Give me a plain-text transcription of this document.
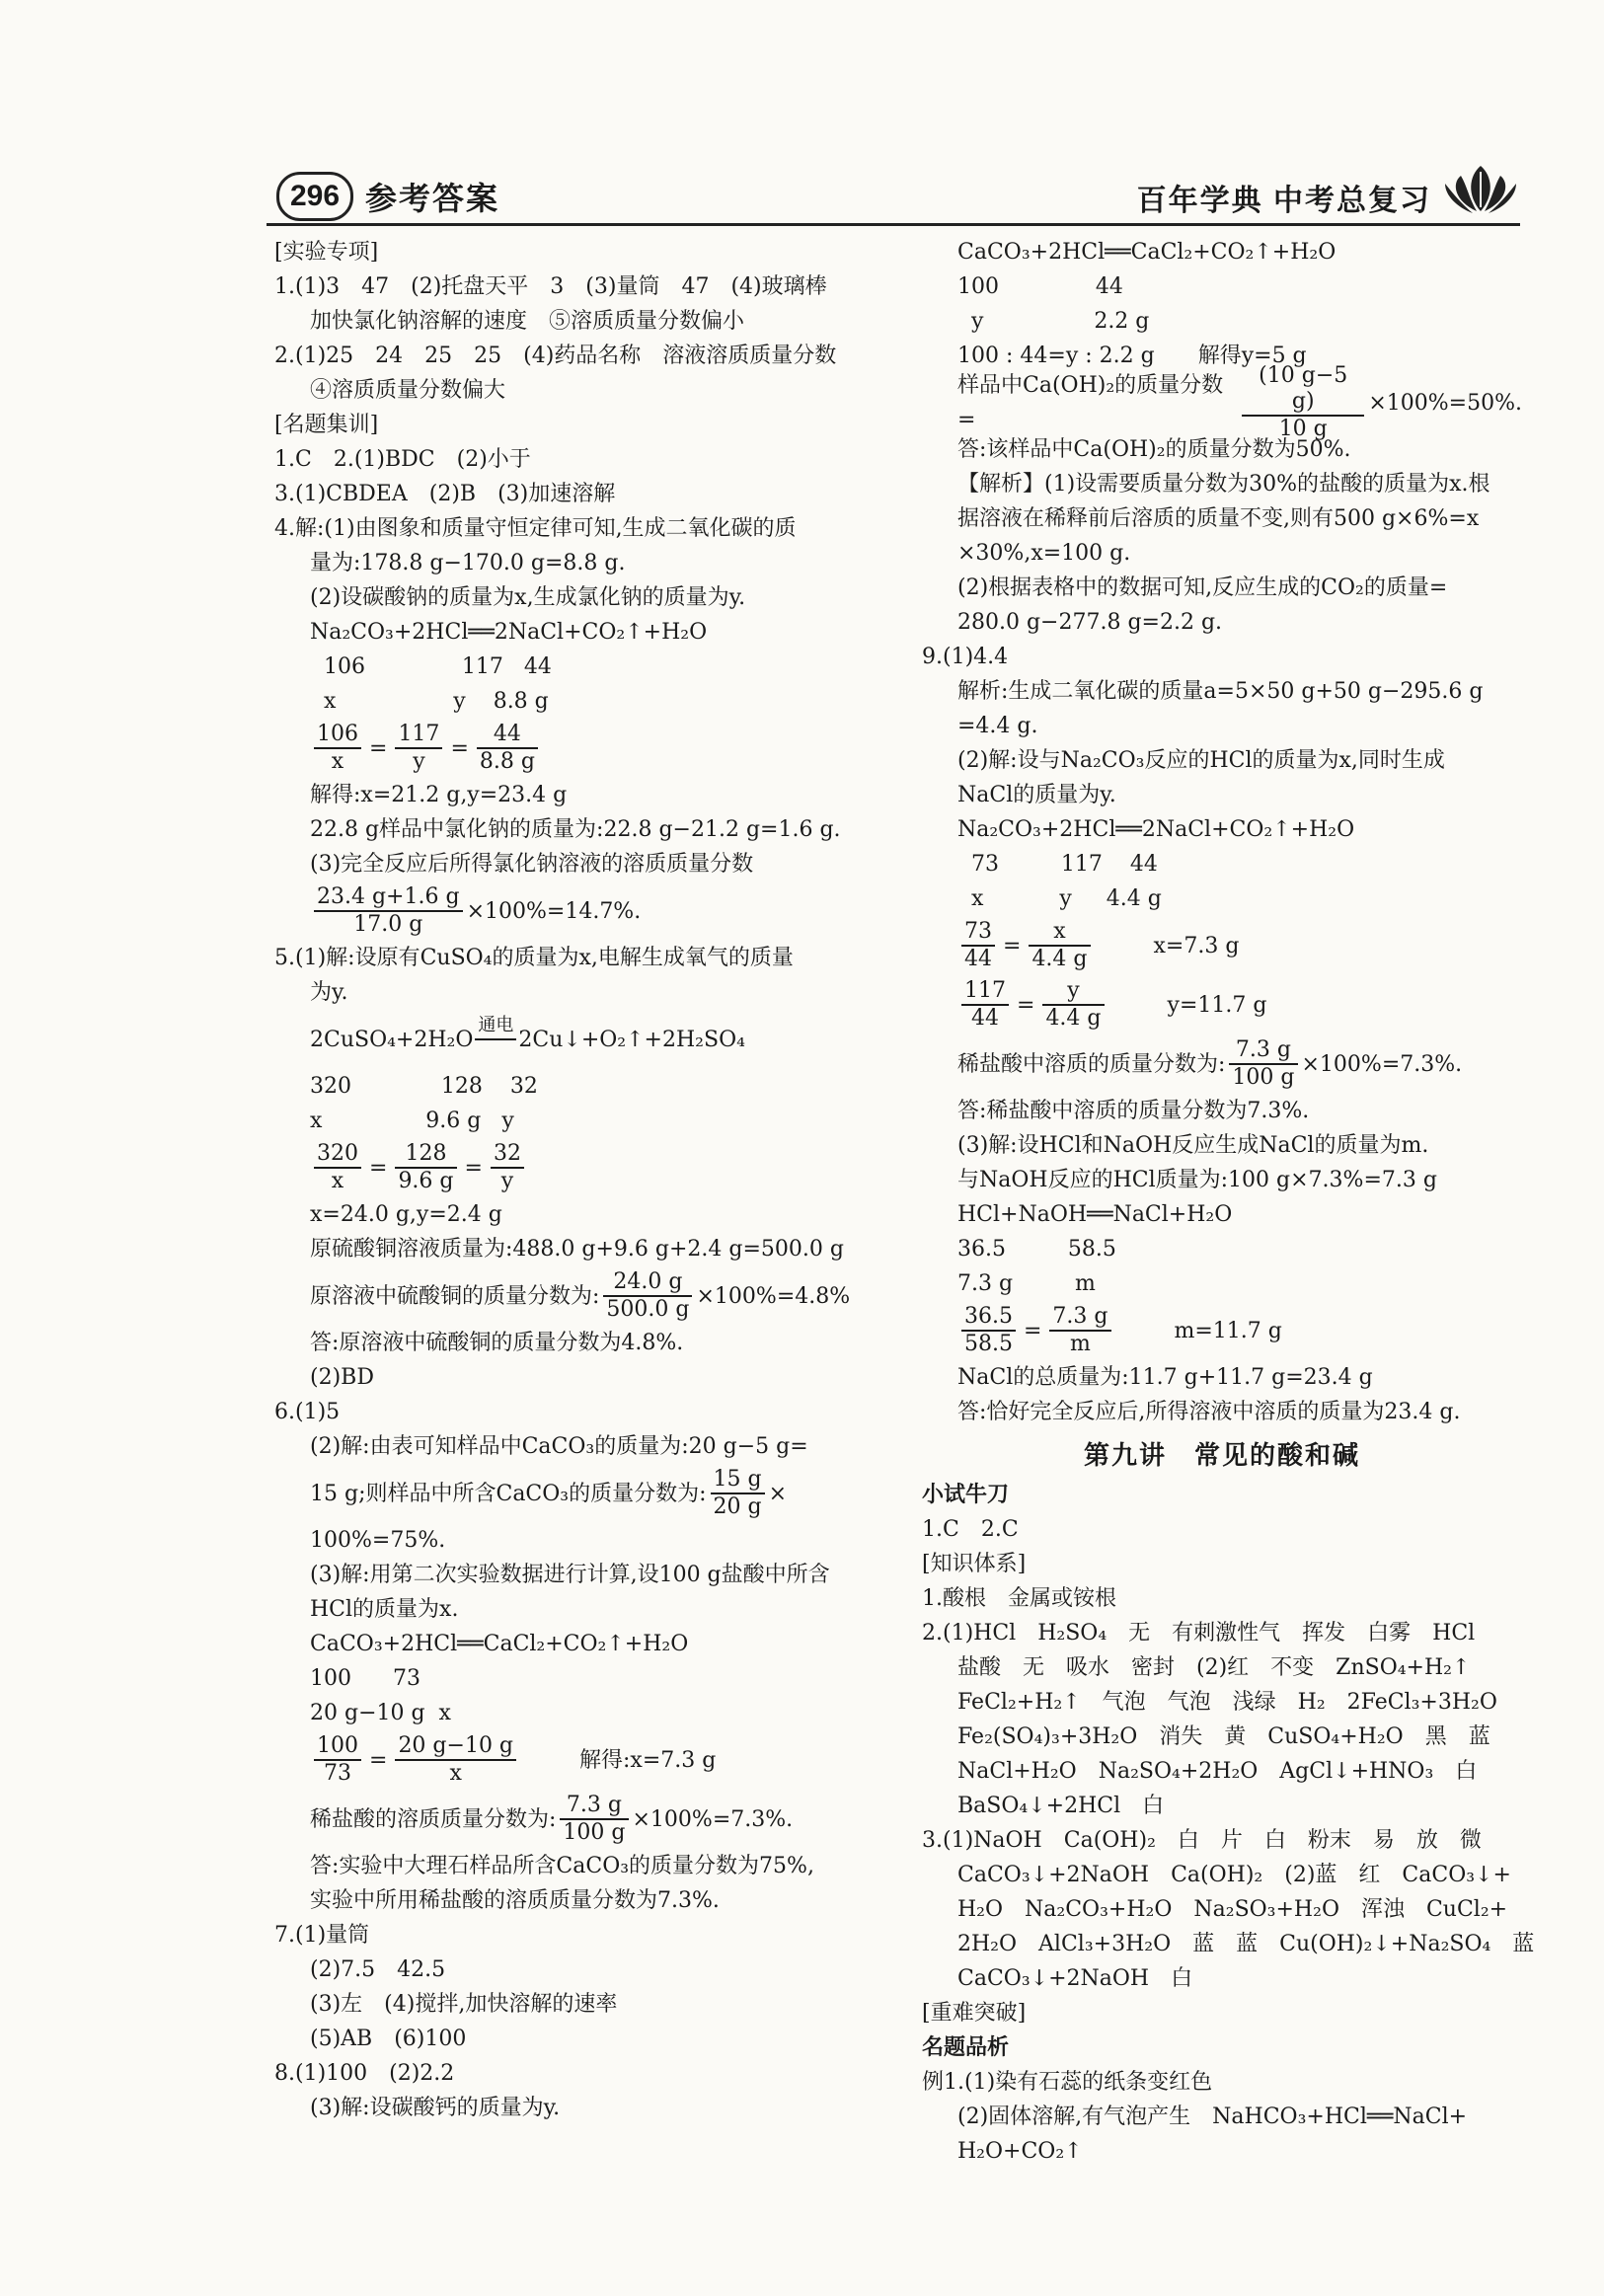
296 参考答案	百年学典 中考总复习

[实验专项]

1.(1)3　47　(2)托盘天平　3　(3)量筒　47　(4)玻璃棒

加快氯化钠溶解的速度　⑤溶质质量分数偏小

2.(1)25　24　25　25　(4)药品名称　溶液溶质质量分数

④溶质质量分数偏大

[名题集训]

1.C　2.(1)BDC　(2)小于

3.(1)CBDEA　(2)B　(3)加速溶解

4.解:(1)由图象和质量守恒定律可知,生成二氧化碳的质

量为:178.8 g−170.0 g=8.8 g.

(2)设碳酸钠的质量为x,生成氯化钠的质量为y.

Na₂CO₃+2HCl══2NaCl+CO₂↑+H₂O

106              117   44

x                 y    8.8 g

$\frac{106}{x} = \frac{117}{y} = \frac{44}{8.8 g}$

解得:x=21.2 g,y=23.4 g

22.8 g样品中氯化钠的质量为:22.8 g−21.2 g=1.6 g.

(3)完全反应后所得氯化钠溶液的溶质质量分数

$\frac{23.4 g+1.6 g}{17.0 g} \times 100\%=14.7\%$.

5.(1)解:设原有CuSO₄的质量为x,电解生成氧气的质量

为y.

2CuSO₄+2H₂O
通电

2Cu↓+O₂↑+2H₂SO₄

320             128    32

x               9.6 g   y

$\frac{320}{x} = \frac{128}{9.6 g} = \frac{32}{y}$

x=24.0 g,y=2.4 g

原硫酸铜溶液质量为:488.0 g+9.6 g+2.4 g=500.0 g

原溶液中硫酸铜的质量分数为: $\frac{24.0 g}{500.0 g} \times 100\%=4.8\%$

答:原溶液中硫酸铜的质量分数为4.8%.

(2)BD

6.(1)5

(2)解:由表可知样品中CaCO₃的质量为:20 g−5 g=

15 g;则样品中所含CaCO₃的质量分数为: $\frac{15 g}{20 g}$ ×

100%=75%.

(3)解:用第二次实验数据进行计算,设100 g盐酸中所含

HCl的质量为x.

CaCO₃+2HCl══CaCl₂+CO₂↑+H₂O

100      73

20 g−10 g  x

$\frac{100}{73} = \frac{20 g-10 g}{x}$	解得:x=7.3 g
稀盐酸的溶质质量分数为: $\frac{7.3 g}{100 g} \times 100\%=7.3\%$.

答:实验中大理石样品所含CaCO₃的质量分数为75%,

实验中所用稀盐酸的溶质质量分数为7.3%.

7.(1)量筒

(2)7.5　42.5

(3)左　(4)搅拌,加快溶解的速率

(5)AB　(6)100

8.(1)100　(2)2.2

(3)解:设碳酸钙的质量为y.

CaCO₃+2HCl══CaCl₂+CO₂↑+H₂O

100              44

y                2.2 g

100 : 44=y : 2.2 g　　解得y=5 g

样品中Ca(OH)₂的质量分数=	$\frac{(10 g-5 g)}{10 g} \times 100\%=50\%$.

答:该样品中Ca(OH)₂的质量分数为50%.

【解析】(1)设需要质量分数为30%的盐酸的质量为x.根

据溶液在稀释前后溶质的质量不变,则有500 g×6%=x

×30%,x=100 g.

(2)根据表格中的数据可知,反应生成的CO₂的质量=

280.0 g−277.8 g=2.2 g.

9.(1)4.4

解析:生成二氧化碳的质量a=5×50 g+50 g−295.6 g

=4.4 g.

(2)解:设与Na₂CO₃反应的HCl的质量为x,同时生成

NaCl的质量为y.

Na₂CO₃+2HCl══2NaCl+CO₂↑+H₂O

73         117    44

x           y     4.4 g

$\frac{73}{44} = \frac{x}{4.4 g}$	x=7.3 g
$\frac{117}{44} = \frac{y}{4.4 g}$	y=11.7 g
稀盐酸中溶质的质量分数为: $\frac{7.3 g}{100 g} \times 100\%=7.3\%$.

答:稀盐酸中溶质的质量分数为7.3%.

(3)解:设HCl和NaOH反应生成NaCl的质量为m.

与NaOH反应的HCl质量为:100 g×7.3%=7.3 g

HCl+NaOH══NaCl+H₂O

36.5         58.5

7.3 g         m

$\frac{36.5}{58.5} = \frac{7.3 g}{m}$	m=11.7 g

NaCl的总质量为:11.7 g+11.7 g=23.4 g

答:恰好完全反应后,所得溶液中溶质的质量为23.4 g.

第九讲　常见的酸和碱

小试牛刀

1.C　2.C

[知识体系]

1.酸根　金属或铵根

2.(1)HCl　H₂SO₄　无　有刺激性气　挥发　白雾　HCl

盐酸　无　吸水　密封　(2)红　不变　ZnSO₄+H₂↑

FeCl₂+H₂↑　气泡　气泡　浅绿　H₂　2FeCl₃+3H₂O

Fe₂(SO₄)₃+3H₂O　消失　黄　CuSO₄+H₂O　黑　蓝

NaCl+H₂O　Na₂SO₄+2H₂O　AgCl↓+HNO₃　白

BaSO₄↓+2HCl　白

3.(1)NaOH　Ca(OH)₂　白　片　白　粉末　易　放　微

CaCO₃↓+2NaOH　Ca(OH)₂　(2)蓝　红　CaCO₃↓+

H₂O　Na₂CO₃+H₂O　Na₂SO₃+H₂O　浑浊　CuCl₂+

2H₂O　AlCl₃+3H₂O　蓝　蓝　Cu(OH)₂↓+Na₂SO₄　蓝

CaCO₃↓+2NaOH　白

[重难突破]

名题品析

例1.(1)染有石蕊的纸条变红色

(2)固体溶解,有气泡产生　NaHCO₃+HCl══NaCl+

H₂O+CO₂↑
